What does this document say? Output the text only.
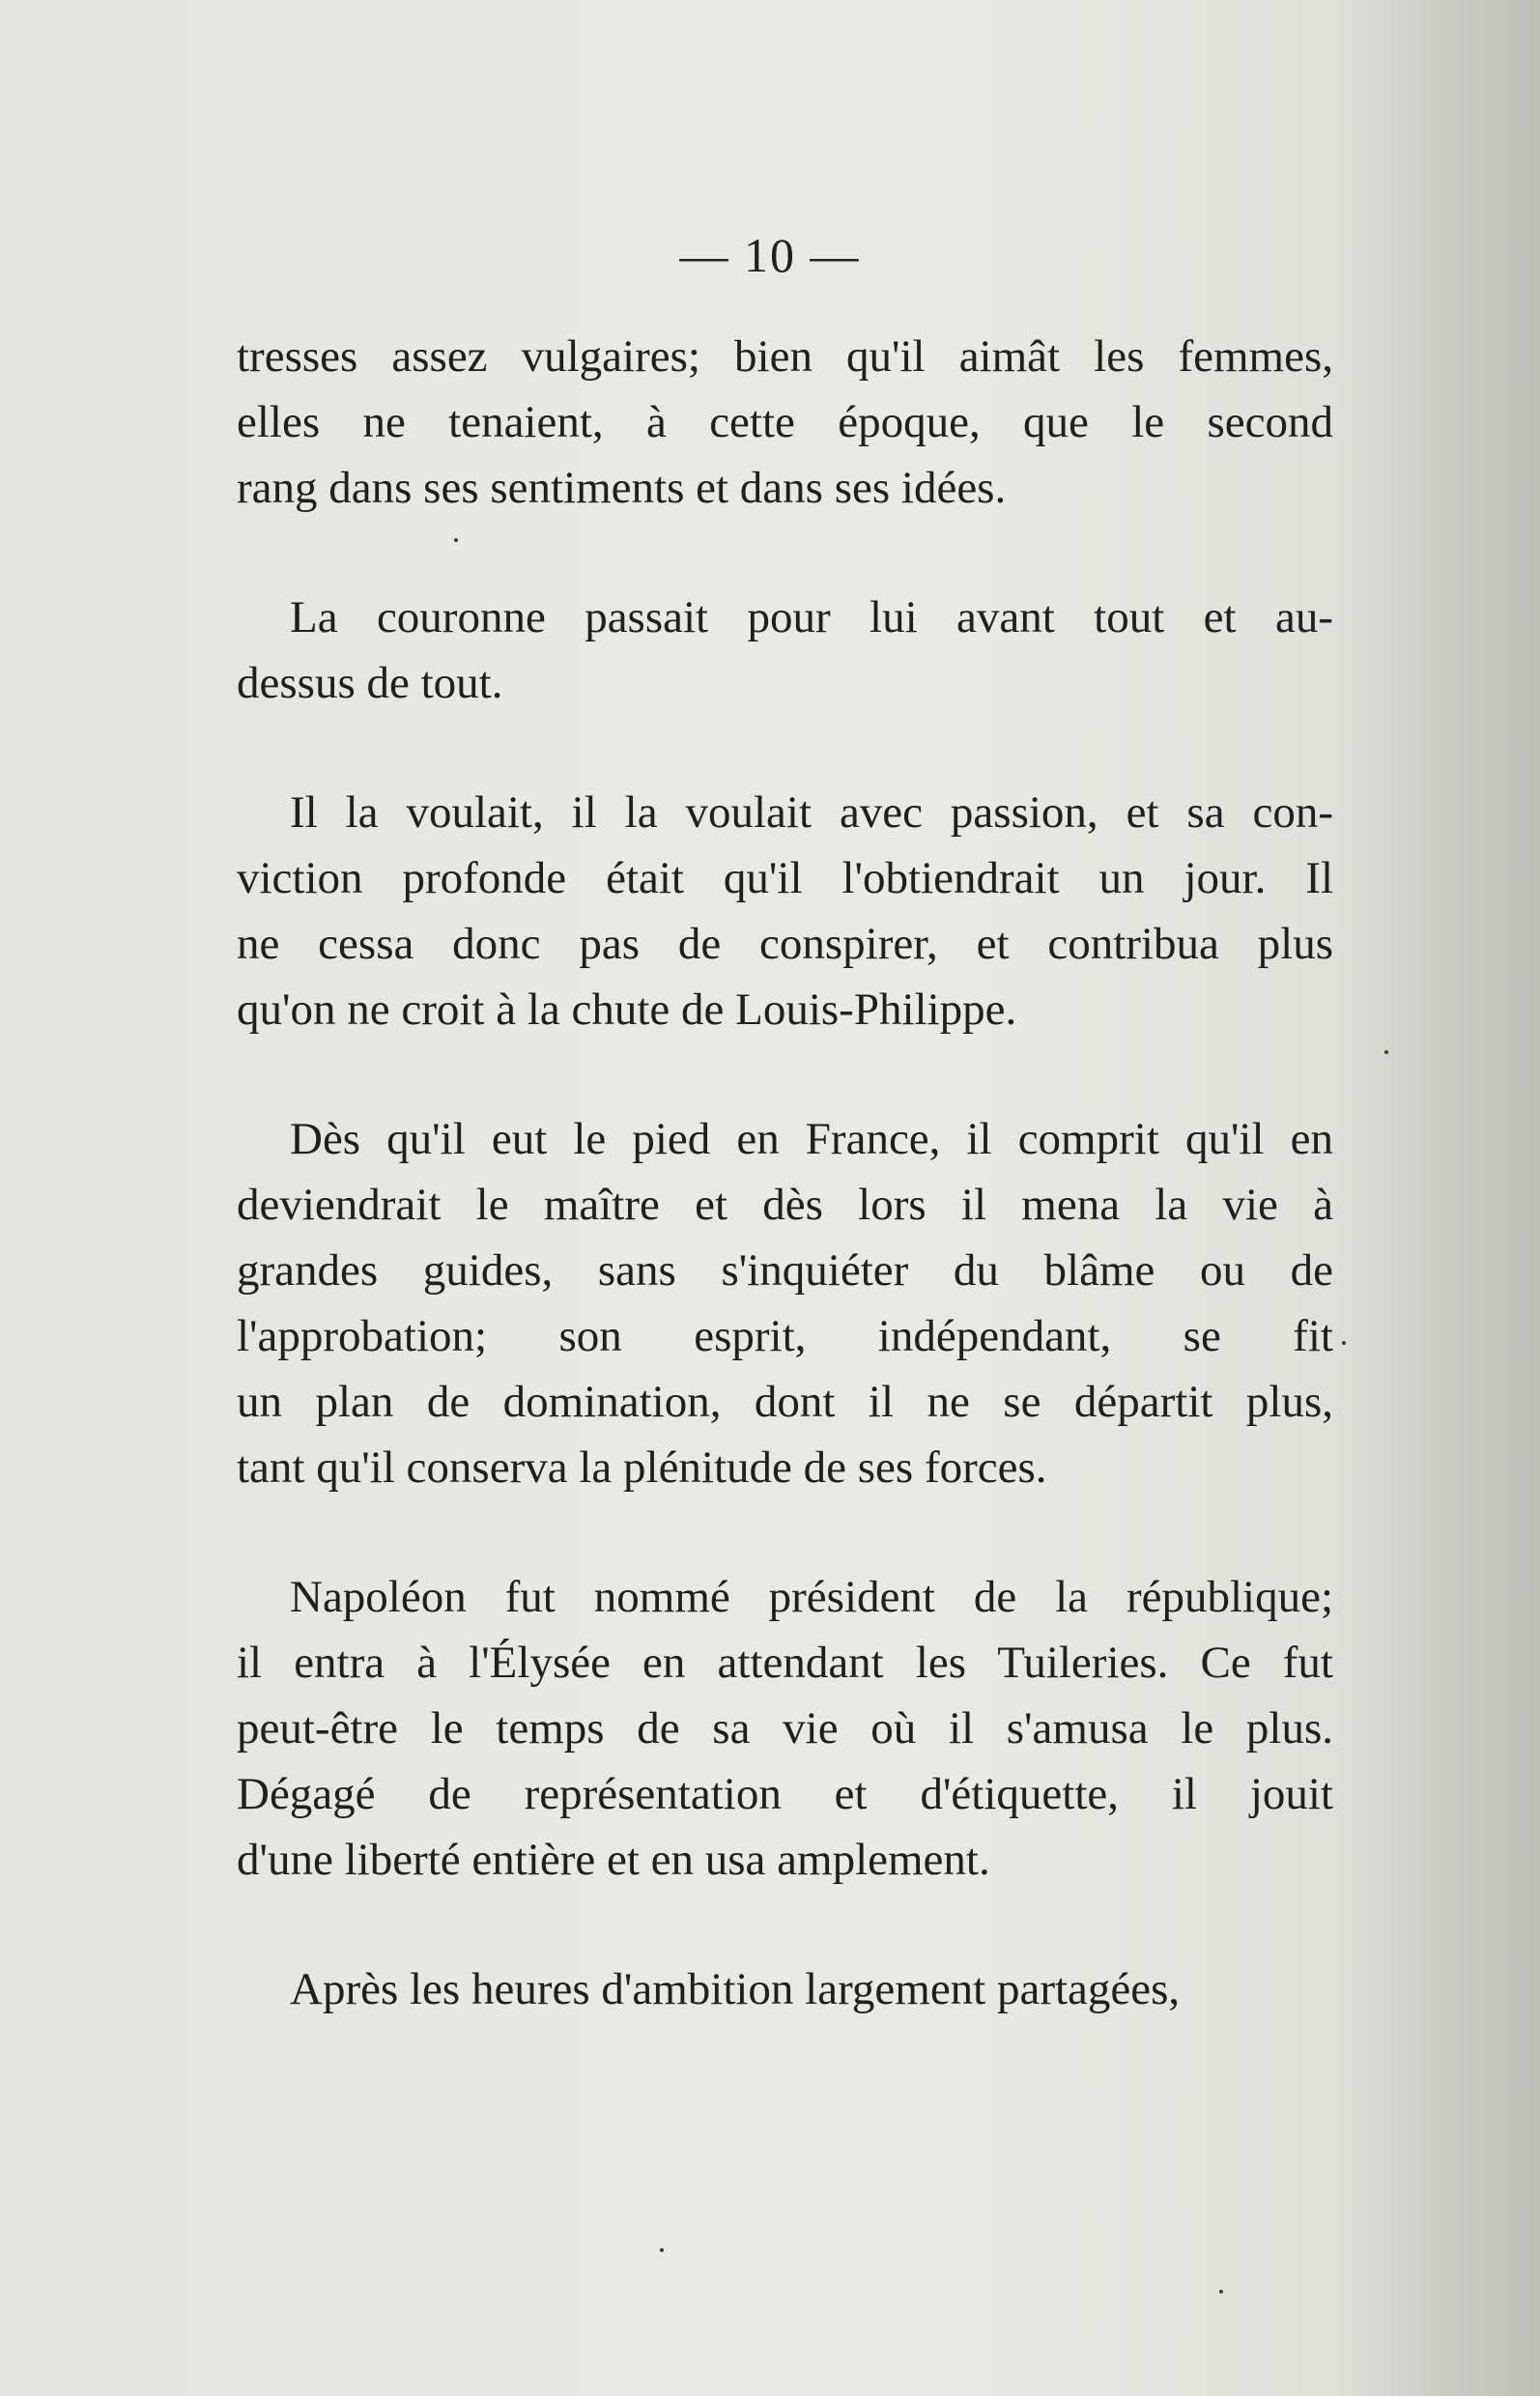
— 10 —

tresses assez vulgaires; bien qu'il aimât les femmes,
elles ne tenaient, à cette époque, que le second
rang dans ses sentiments et dans ses idées.

La couronne passait pour lui avant tout et au-
dessus de tout.

Il la voulait, il la voulait avec passion, et sa con-
viction profonde était qu'il l'obtiendrait un jour. Il
ne cessa donc pas de conspirer, et contribua plus
qu'on ne croit à la chute de Louis-Philippe.

Dès qu'il eut le pied en France, il comprit qu'il en
deviendrait le maître et dès lors il mena la vie à
grandes guides, sans s'inquiéter du blâme ou de
l'approbation; son esprit, indépendant, se fit
un plan de domination, dont il ne se départit plus,
tant qu'il conserva la plénitude de ses forces.

Napoléon fut nommé président de la république;
il entra à l'Élysée en attendant les Tuileries. Ce fut
peut-être le temps de sa vie où il s'amusa le plus.
Dégagé de représentation et d'étiquette, il jouit
d'une liberté entière et en usa amplement.

Après les heures d'ambition largement partagées,
